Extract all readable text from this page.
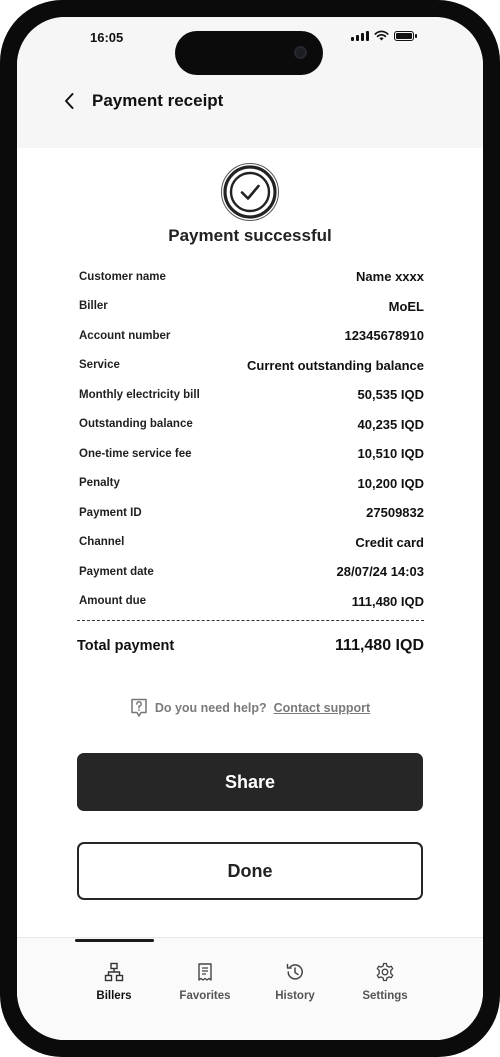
16:05
Payment receipt
Payment successful
Customer name	Name xxxx
Biller	MoEL
Account number	12345678910
Service	Current outstanding balance
Monthly electricity bill	50,535 IQD
Outstanding balance	40,235 IQD
One-time service fee	10,510 IQD
Penalty	10,200 IQD
Payment ID	27509832
Channel	Credit card
Payment date	28/07/24 14:03
Amount due	111,480 IQD
Total payment	111,480 IQD
Do you need help? Contact support
Share
Done
Billers	Favorites	History	Settings
